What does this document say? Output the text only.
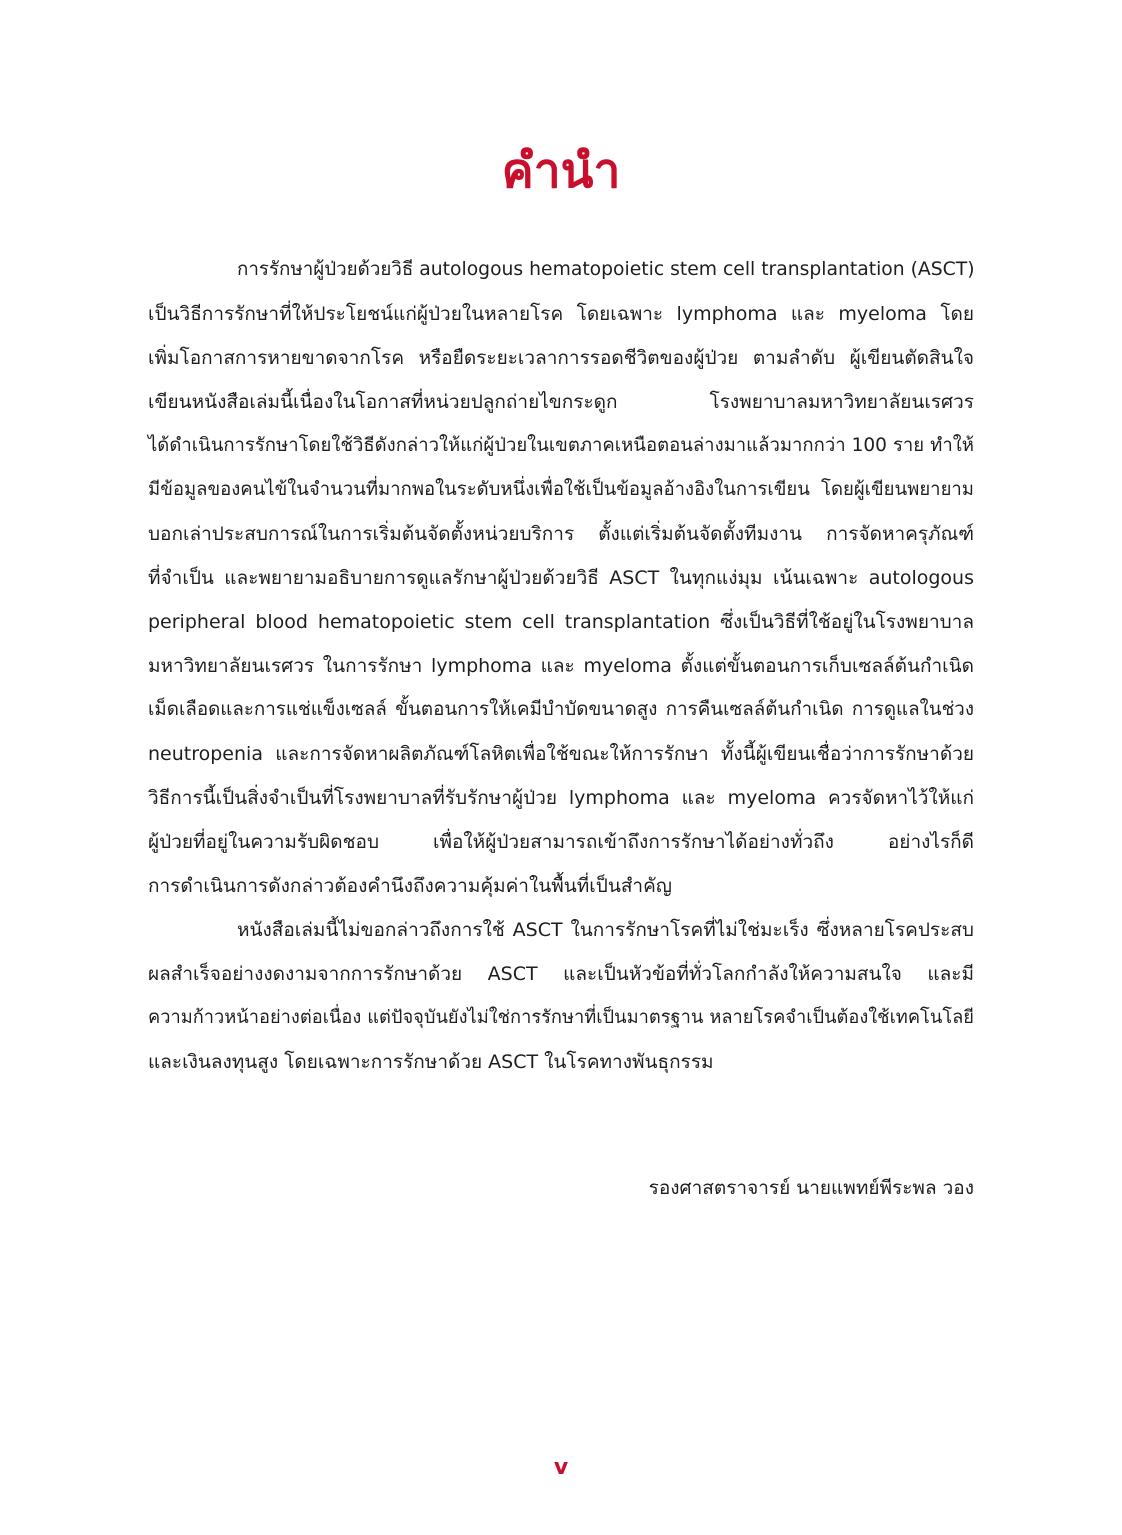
คำนำ
การรักษาผู้ป่วยด้วยวิธี autologous hematopoietic stem cell transplantation (ASCT)
เป็นวิธีการรักษาที่ให้ประโยชน์แก่ผู้ป่วยในหลายโรค โดยเฉพาะ lymphoma และ myeloma โดย
เพิ่มโอกาสการหายขาดจากโรค หรือยืดระยะเวลาการรอดชีวิตของผู้ป่วย ตามลำดับ ผู้เขียนตัดสินใจ
เขียนหนังสือเล่มนี้เนื่องในโอกาสที่หน่วยปลูกถ่ายไขกระดูก โรงพยาบาลมหาวิทยาลัยนเรศวร
ได้ดำเนินการรักษาโดยใช้วิธีดังกล่าวให้แก่ผู้ป่วยในเขตภาคเหนือตอนล่างมาแล้วมากกว่า 100 ราย ทำให้
มีข้อมูลของคนไข้ในจำนวนที่มากพอในระดับหนึ่งเพื่อใช้เป็นข้อมูลอ้างอิงในการเขียน โดยผู้เขียนพยายาม
บอกเล่าประสบการณ์ในการเริ่มต้นจัดตั้งหน่วยบริการ ตั้งแต่เริ่มต้นจัดตั้งทีมงาน การจัดหาครุภัณฑ์
ที่จำเป็น และพยายามอธิบายการดูแลรักษาผู้ป่วยด้วยวิธี ASCT ในทุกแง่มุม เน้นเฉพาะ autologous
peripheral blood hematopoietic stem cell transplantation ซึ่งเป็นวิธีที่ใช้อยู่ในโรงพยาบาล
มหาวิทยาลัยนเรศวร ในการรักษา lymphoma และ myeloma ตั้งแต่ขั้นตอนการเก็บเซลล์ต้นกำเนิด
เม็ดเลือดและการแช่แข็งเซลล์ ขั้นตอนการให้เคมีบำบัดขนาดสูง การคืนเซลล์ต้นกำเนิด การดูแลในช่วง
neutropenia และการจัดหาผลิตภัณฑ์โลหิตเพื่อใช้ขณะให้การรักษา ทั้งนี้ผู้เขียนเชื่อว่าการรักษาด้วย
วิธีการนี้เป็นสิ่งจำเป็นที่โรงพยาบาลที่รับรักษาผู้ป่วย lymphoma และ myeloma ควรจัดหาไว้ให้แก่
ผู้ป่วยที่อยู่ในความรับผิดชอบ เพื่อให้ผู้ป่วยสามารถเข้าถึงการรักษาได้อย่างทั่วถึง อย่างไรก็ดี
การดำเนินการดังกล่าวต้องคำนึงถึงความคุ้มค่าในพื้นที่เป็นสำคัญ
หนังสือเล่มนี้ไม่ขอกล่าวถึงการใช้ ASCT ในการรักษาโรคที่ไม่ใช่มะเร็ง ซึ่งหลายโรคประสบ
ผลสำเร็จอย่างงดงามจากการรักษาด้วย ASCT และเป็นหัวข้อที่ทั่วโลกกำลังให้ความสนใจ และมี
ความก้าวหน้าอย่างต่อเนื่อง แต่ปัจจุบันยังไม่ใช่การรักษาที่เป็นมาตรฐาน หลายโรคจำเป็นต้องใช้เทคโนโลยี
และเงินลงทุนสูง โดยเฉพาะการรักษาด้วย ASCT ในโรคทางพันธุกรรม
รองศาสตราจารย์ นายแพทย์พีระพล วอง
v
